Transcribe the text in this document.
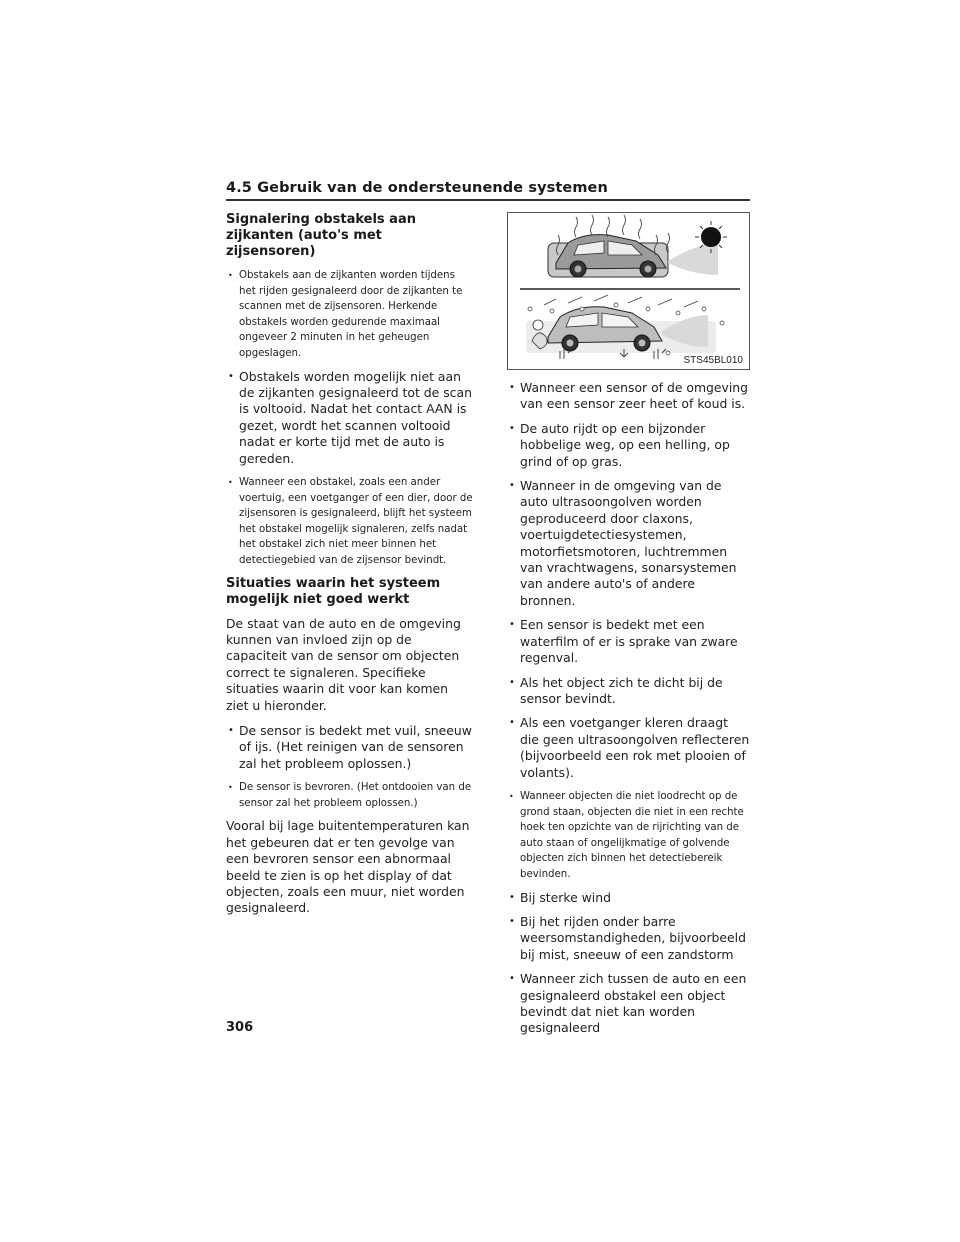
4.5 Gebruik van de ondersteunende systemen
Signalering obstakels aan zijkanten (auto's met zijsensoren)
• Obstakels aan de zijkanten worden tijdens het rijden gesignaleerd door de zijkanten te scannen met de zijsensoren. Herkende obstakels worden gedurende maximaal ongeveer 2 minuten in het geheugen opgeslagen.
• Obstakels worden mogelijk niet aan de zijkanten gesignaleerd tot de scan is voltooid. Nadat het contact AAN is gezet, wordt het scannen voltooid nadat er korte tijd met de auto is gereden.
• Wanneer een obstakel, zoals een ander voertuig, een voetganger of een dier, door de zijsensoren is gesignaleerd, blijft het systeem het obstakel mogelijk signaleren, zelfs nadat het obstakel zich niet meer binnen het detectiegebied van de zijsensor bevindt.
Situaties waarin het systeem mogelijk niet goed werkt
De staat van de auto en de omgeving kunnen van invloed zijn op de capaciteit van de sensor om objecten correct te signaleren. Specifieke situaties waarin dit voor kan komen ziet u hieronder.
• De sensor is bedekt met vuil, sneeuw of ijs. (Het reinigen van de sensoren zal het probleem oplossen.)
• De sensor is bevroren. (Het ontdooien van de sensor zal het probleem oplossen.)
Vooral bij lage buitentemperaturen kan het gebeuren dat er ten gevolge van een bevroren sensor een abnormaal beeld te zien is op het display of dat objecten, zoals een muur, niet worden gesignaleerd.
STS45BL010
• Wanneer een sensor of de omgeving van een sensor zeer heet of koud is.
• De auto rijdt op een bijzonder hobbelige weg, op een helling, op grind of op gras.
• Wanneer in de omgeving van de auto ultrasoongolven worden geproduceerd door claxons, voertuigdetectiesystemen, motorfietsmotoren, luchtremmen van vrachtwagens, sonarsystemen van andere auto's of andere bronnen.
• Een sensor is bedekt met een waterfilm of er is sprake van zware regenval.
• Als het object zich te dicht bij de sensor bevindt.
• Als een voetganger kleren draagt die geen ultrasoongolven reflecteren (bijvoorbeeld een rok met plooien of volants).
• Wanneer objecten die niet loodrecht op de grond staan, objecten die niet in een rechte hoek ten opzichte van de rijrichting van de auto staan of ongelijkmatige of golvende objecten zich binnen het detectiebereik bevinden.
• Bij sterke wind
• Bij het rijden onder barre weersomstandigheden, bijvoorbeeld bij mist, sneeuw of een zandstorm
• Wanneer zich tussen de auto en een gesignaleerd obstakel een object bevindt dat niet kan worden gesignaleerd
306
